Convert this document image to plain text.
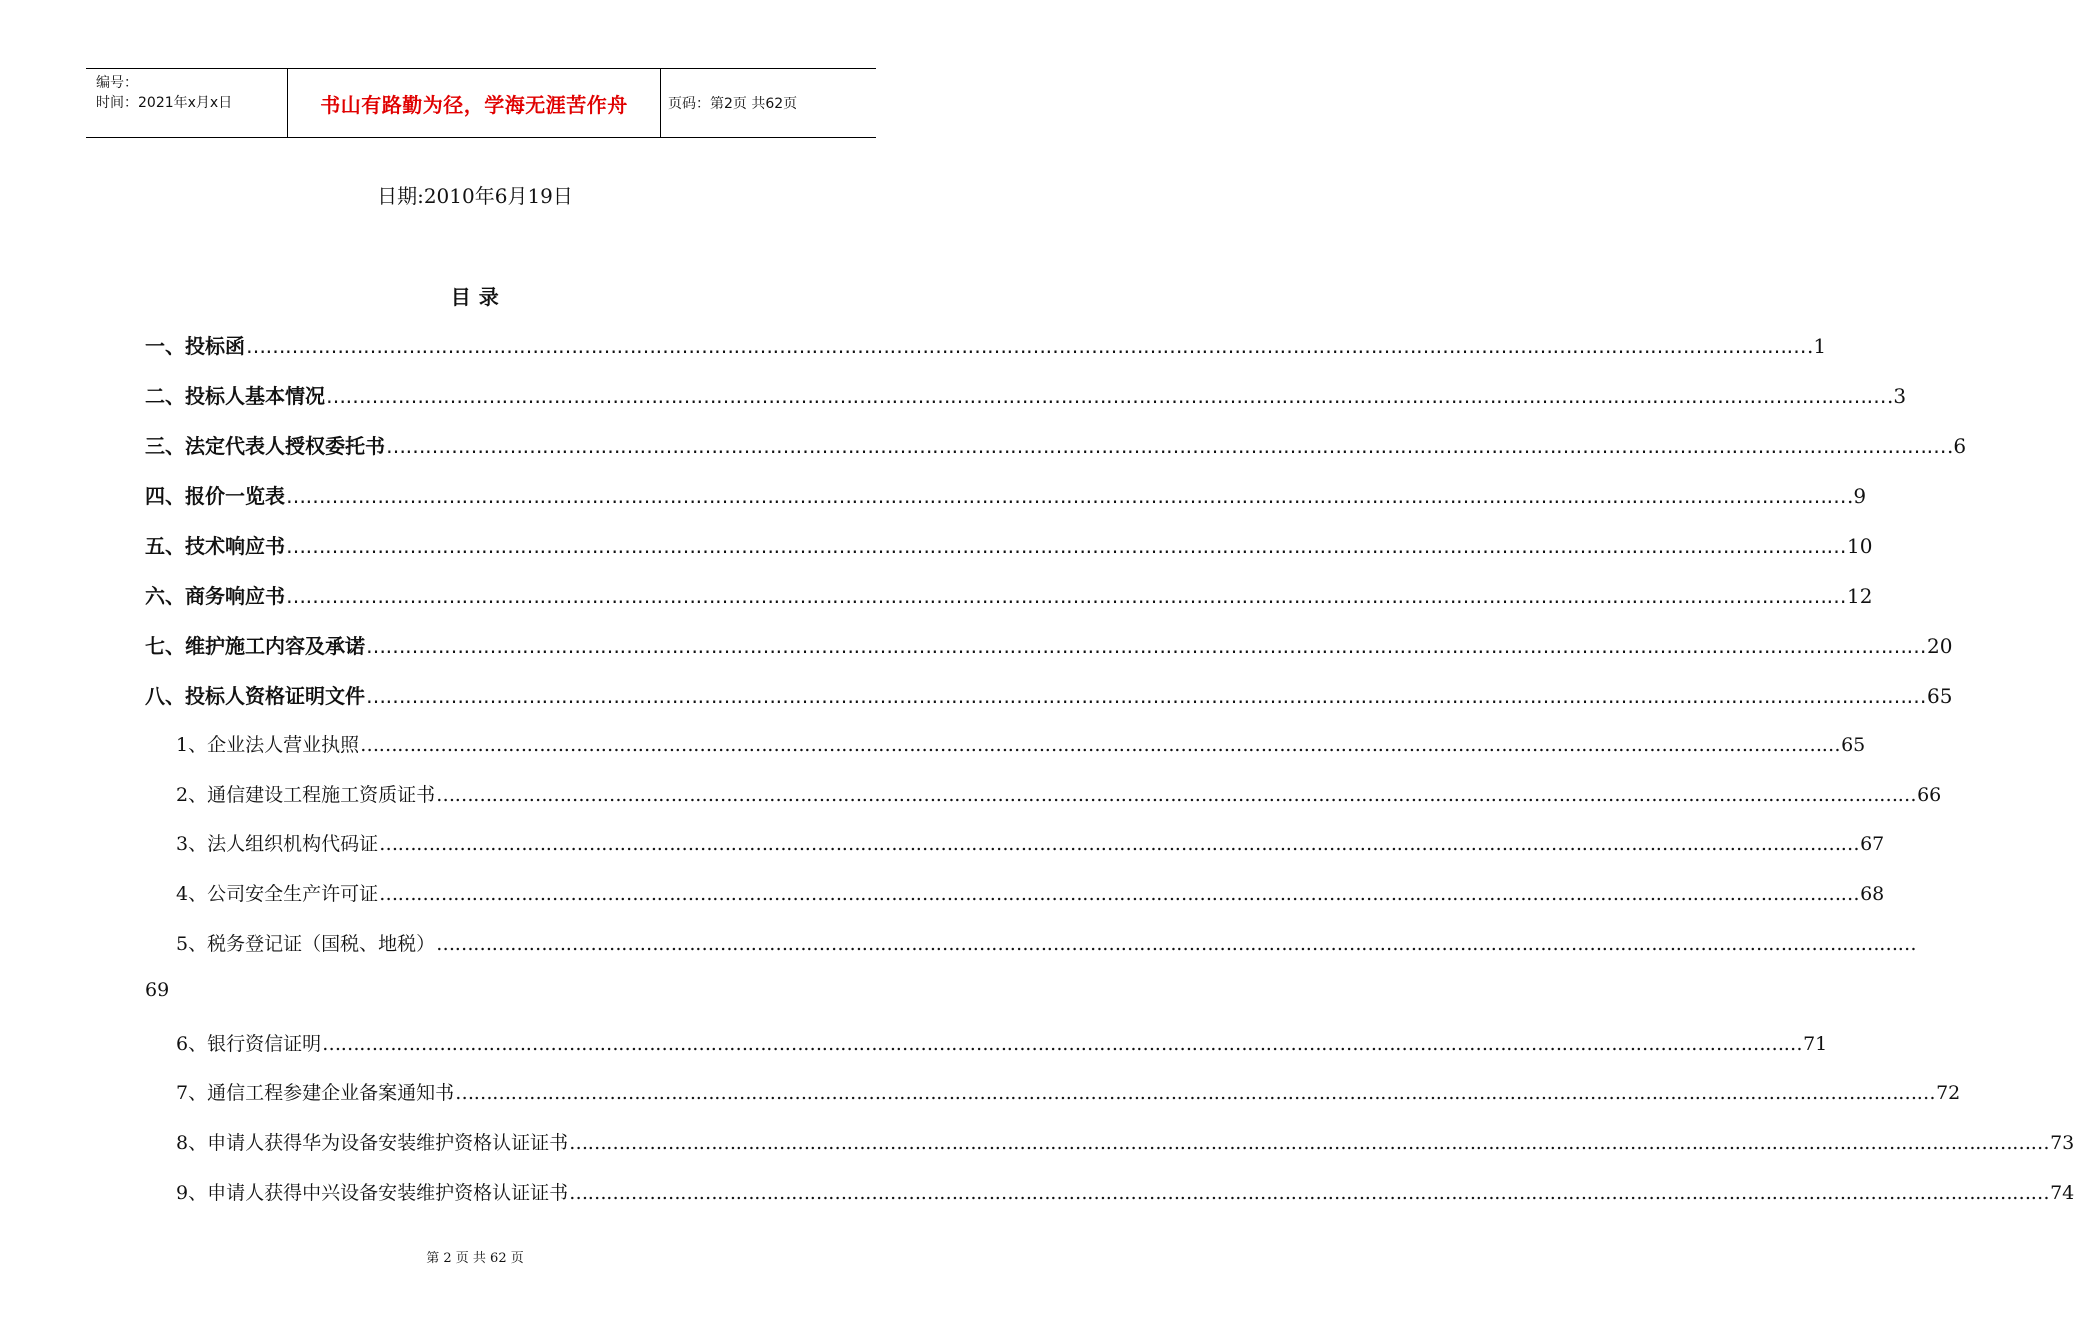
编号：
时间：2021年x月x日	书山有路勤为径，学海无涯苦作舟	页码：第2页 共62页
日期:2010年6月19日
目 录
一、投标函 …………………………………………………………………………………………………………………………………………………………………………………………………………………… .1
二、投标人基本情况 …………………………………………………………………………………………………………………………………………………………………………………………………………………… .3
三、法定代表人授权委托书 …………………………………………………………………………………………………………………………………………………………………………………………………………………… .6
四、报价一览表 …………………………………………………………………………………………………………………………………………………………………………………………………………………… .9
五、技术响应书 …………………………………………………………………………………………………………………………………………………………………………………………………………………… 10
六、商务响应书 …………………………………………………………………………………………………………………………………………………………………………………………………………………… 12
七、维护施工内容及承诺 …………………………………………………………………………………………………………………………………………………………………………………………………………………… 20
八、投标人资格证明文件 …………………………………………………………………………………………………………………………………………………………………………………………………………………… 65
1、企业法人营业执照 …………………………………………………………………………………………………………………………………………………………………………………………………………………… 65
2、通信建设工程施工资质证书 …………………………………………………………………………………………………………………………………………………………………………………………………………………… 66
3、法人组织机构代码证 …………………………………………………………………………………………………………………………………………………………………………………………………………………… 67
4、公司安全生产许可证 …………………………………………………………………………………………………………………………………………………………………………………………………………………… 68
5、税务登记证（国税、地税） ……………………………………………………………………………………………………………………………………………………………………………………………………………………
69
6、银行资信证明 …………………………………………………………………………………………………………………………………………………………………………………………………………………… 71
7、通信工程参建企业备案通知书 …………………………………………………………………………………………………………………………………………………………………………………………………………………… 72
8、申请人获得华为设备安装维护资格认证证书 …………………………………………………………………………………………………………………………………………………………………………………………………………………… 73
9、申请人获得中兴设备安装维护资格认证证书 …………………………………………………………………………………………………………………………………………………………………………………………………………………… 74
第 2 页 共 62 页
